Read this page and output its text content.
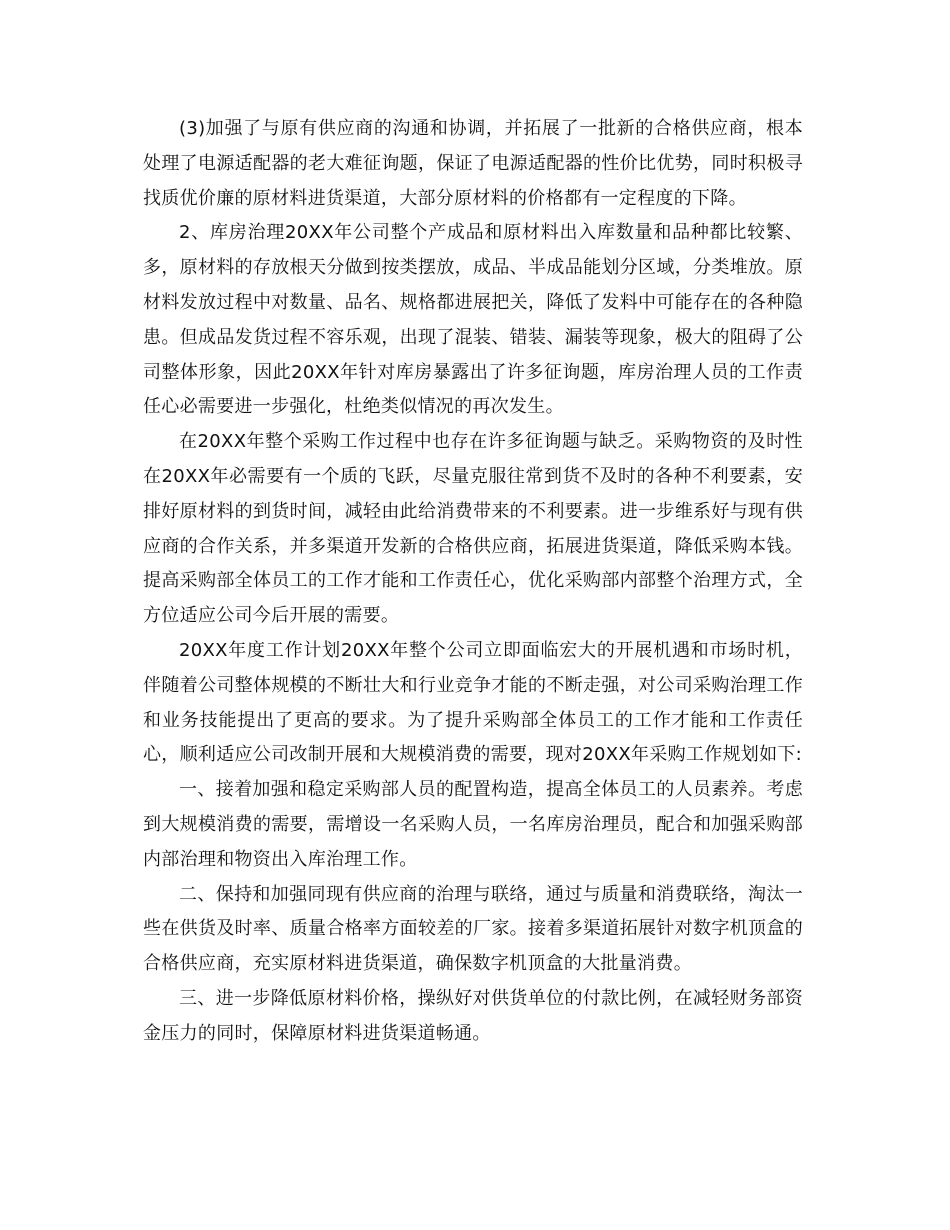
(3)加强了与原有供应商的沟通和协调，并拓展了一批新的合格供应商，根本处理了电源适配器的老大难征询题，保证了电源适配器的性价比优势，同时积极寻找质优价廉的原材料进货渠道，大部分原材料的价格都有一定程度的下降。

2、库房治理20XX年公司整个产成品和原材料出入库数量和品种都比较繁、多，原材料的存放根天分做到按类摆放，成品、半成品能划分区域，分类堆放。原材料发放过程中对数量、品名、规格都进展把关，降低了发料中可能存在的各种隐患。但成品发货过程不容乐观，出现了混装、错装、漏装等现象，极大的阻碍了公司整体形象，因此20XX年针对库房暴露出了许多征询题，库房治理人员的工作责任心必需要进一步强化，杜绝类似情况的再次发生。

在20XX年整个采购工作过程中也存在许多征询题与缺乏。采购物资的及时性在20XX年必需要有一个质的飞跃，尽量克服往常到货不及时的各种不利要素，安排好原材料的到货时间，减轻由此给消费带来的不利要素。进一步维系好与现有供应商的合作关系，并多渠道开发新的合格供应商，拓展进货渠道，降低采购本钱。提高采购部全体员工的工作才能和工作责任心，优化采购部内部整个治理方式，全方位适应公司今后开展的需要。

20XX年度工作计划20XX年整个公司立即面临宏大的开展机遇和市场时机，伴随着公司整体规模的不断壮大和行业竞争才能的不断走强，对公司采购治理工作和业务技能提出了更高的要求。为了提升采购部全体员工的工作才能和工作责任心，顺利适应公司改制开展和大规模消费的需要，现对20XX年采购工作规划如下:

一、接着加强和稳定采购部人员的配置构造，提高全体员工的人员素养。考虑到大规模消费的需要，需增设一名采购人员，一名库房治理员，配合和加强采购部内部治理和物资出入库治理工作。

二、保持和加强同现有供应商的治理与联络，通过与质量和消费联络，淘汰一些在供货及时率、质量合格率方面较差的厂家。接着多渠道拓展针对数字机顶盒的合格供应商，充实原材料进货渠道，确保数字机顶盒的大批量消费。

三、进一步降低原材料价格，操纵好对供货单位的付款比例，在减轻财务部资金压力的同时，保障原材料进货渠道畅通。
